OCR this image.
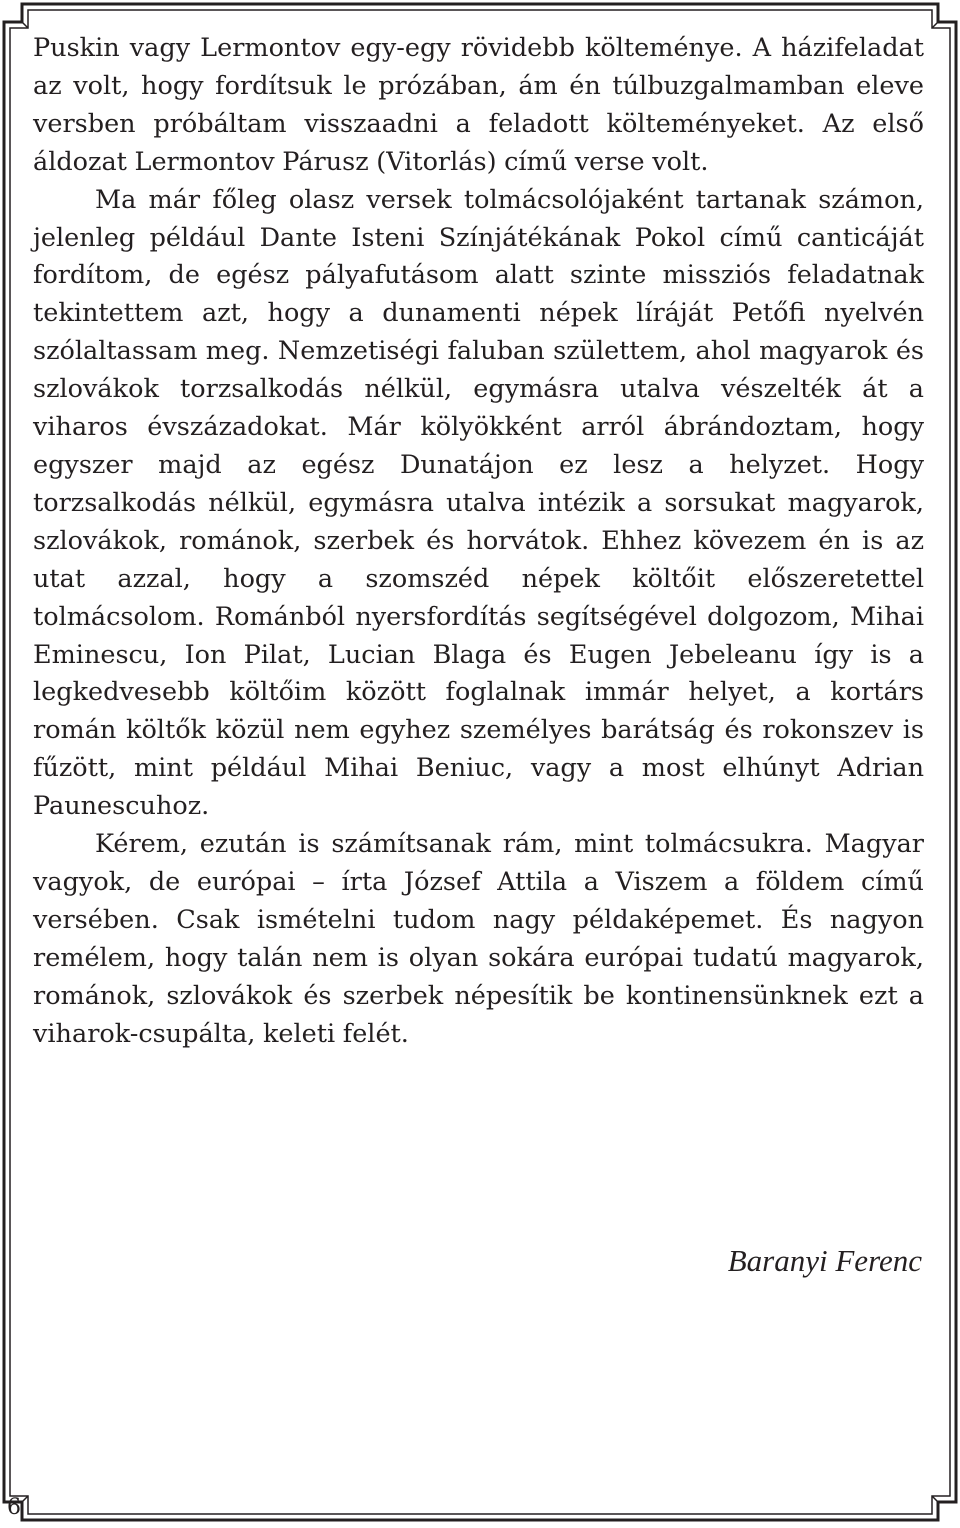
Puskin vagy Lermontov egy-egy rövidebb költeménye. A házifeladat az volt, hogy fordítsuk le prózában, ám én túlbuzgalmamban eleve versben próbáltam visszaadni a feladott költeményeket. Az első áldozat Lermontov Párusz (Vitorlás) című verse volt.

Ma már főleg olasz versek tolmácsolójaként tartanak számon, jelenleg például Dante Isteni Színjátékának Pokol című canticáját fordítom, de egész pályafutásom alatt szinte missziós feladatnak tekintettem azt, hogy a dunamenti népek líráját Petőfi nyelvén szólaltassam meg. Nemzetiségi faluban születtem, ahol magyarok és szlovákok torzsalkodás nélkül, egymásra utalva vészelték át a viharos évszázadokat. Már kölyökként arról ábrándoztam, hogy egyszer majd az egész Dunatájon ez lesz a helyzet. Hogy torzsalkodás nélkül, egymásra utalva intézik a sorsukat magyarok, szlovákok, románok, szerbek és horvátok. Ehhez kövezem én is az utat azzal, hogy a szomszéd népek költőit előszeretettel tolmácsolom. Románból nyersfordítás segítségével dolgozom, Mihai Eminescu, Ion Pilat, Lucian Blaga és Eugen Jebeleanu így is a legkedvesebb költőim között foglalnak immár helyet, a kortárs román költők közül nem egyhez személyes barátság és rokonszev is fűzött, mint például Mihai Beniuc, vagy a most elhúnyt Adrian Paunescuhoz.

Kérem, ezután is számítsanak rám, mint tolmácsukra. Magyar vagyok, de európai – írta József Attila a Viszem a földem című versében. Csak ismételni tudom nagy példaképemet. És nagyon remélem, hogy talán nem is olyan sokára európai tudatú magyarok, románok, szlovákok és szerbek népesítik be kontinensünknek ezt a viharok-csupálta, keleti felét.

Baranyi Ferenc
6
